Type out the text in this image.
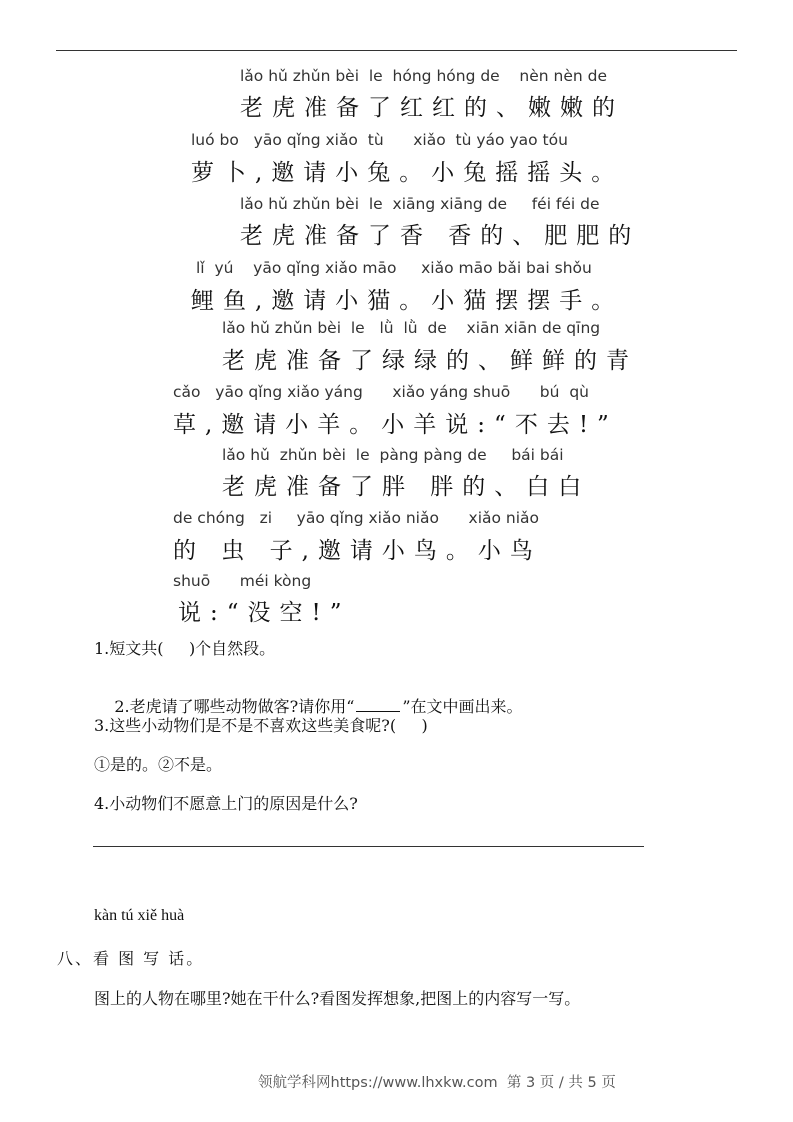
lǎo hǔ zhǔn bèi  le  hóng hóng de    nèn nèn de
老虎准备了红红的、嫩嫩的
luó bo   yāo qǐng xiǎo  tù      xiǎo  tù yáo yao tóu
萝卜,邀请小兔。小兔摇摇头。
lǎo hǔ zhǔn bèi  le  xiāng xiāng de     féi féi de
老虎准备了香 香的、肥肥的
lǐ  yú    yāo qǐng xiǎo māo     xiǎo māo bǎi bai shǒu
鲤鱼,邀请小猫。小猫摆摆手。
lǎo hǔ zhǔn bèi  le   lǜ  lǜ  de    xiān xiān de qīng
老虎准备了绿绿的、鲜鲜的青
cǎo   yāo qǐng xiǎo yáng      xiǎo yáng shuō      bú  qù
草,邀请小羊。小羊说:“不去!”
lǎo hǔ  zhǔn bèi  le  pàng pàng de     bái bái
老虎准备了胖 胖的、白白
de chóng   zi     yāo qǐng xiǎo niǎo      xiǎo niǎo
的 虫 子,邀请小鸟。小鸟
shuō      méi kòng
说:“没空!”
1.短文共(     )个自然段。

2.老虎请了哪些动物做客?请你用“	”在文中画出来。

3.这些小动物们是不是不喜欢这些美食呢?(     )
①是的。②不是。
4.小动物们不愿意上门的原因是什么?
kàn tú xiě huà
八、看 图 写 话。
图上的人物在哪里?她在干什么?看图发挥想象,把图上的内容写一写。
领航学科网https://www.lhxkw.com  第 3 页 / 共 5 页
